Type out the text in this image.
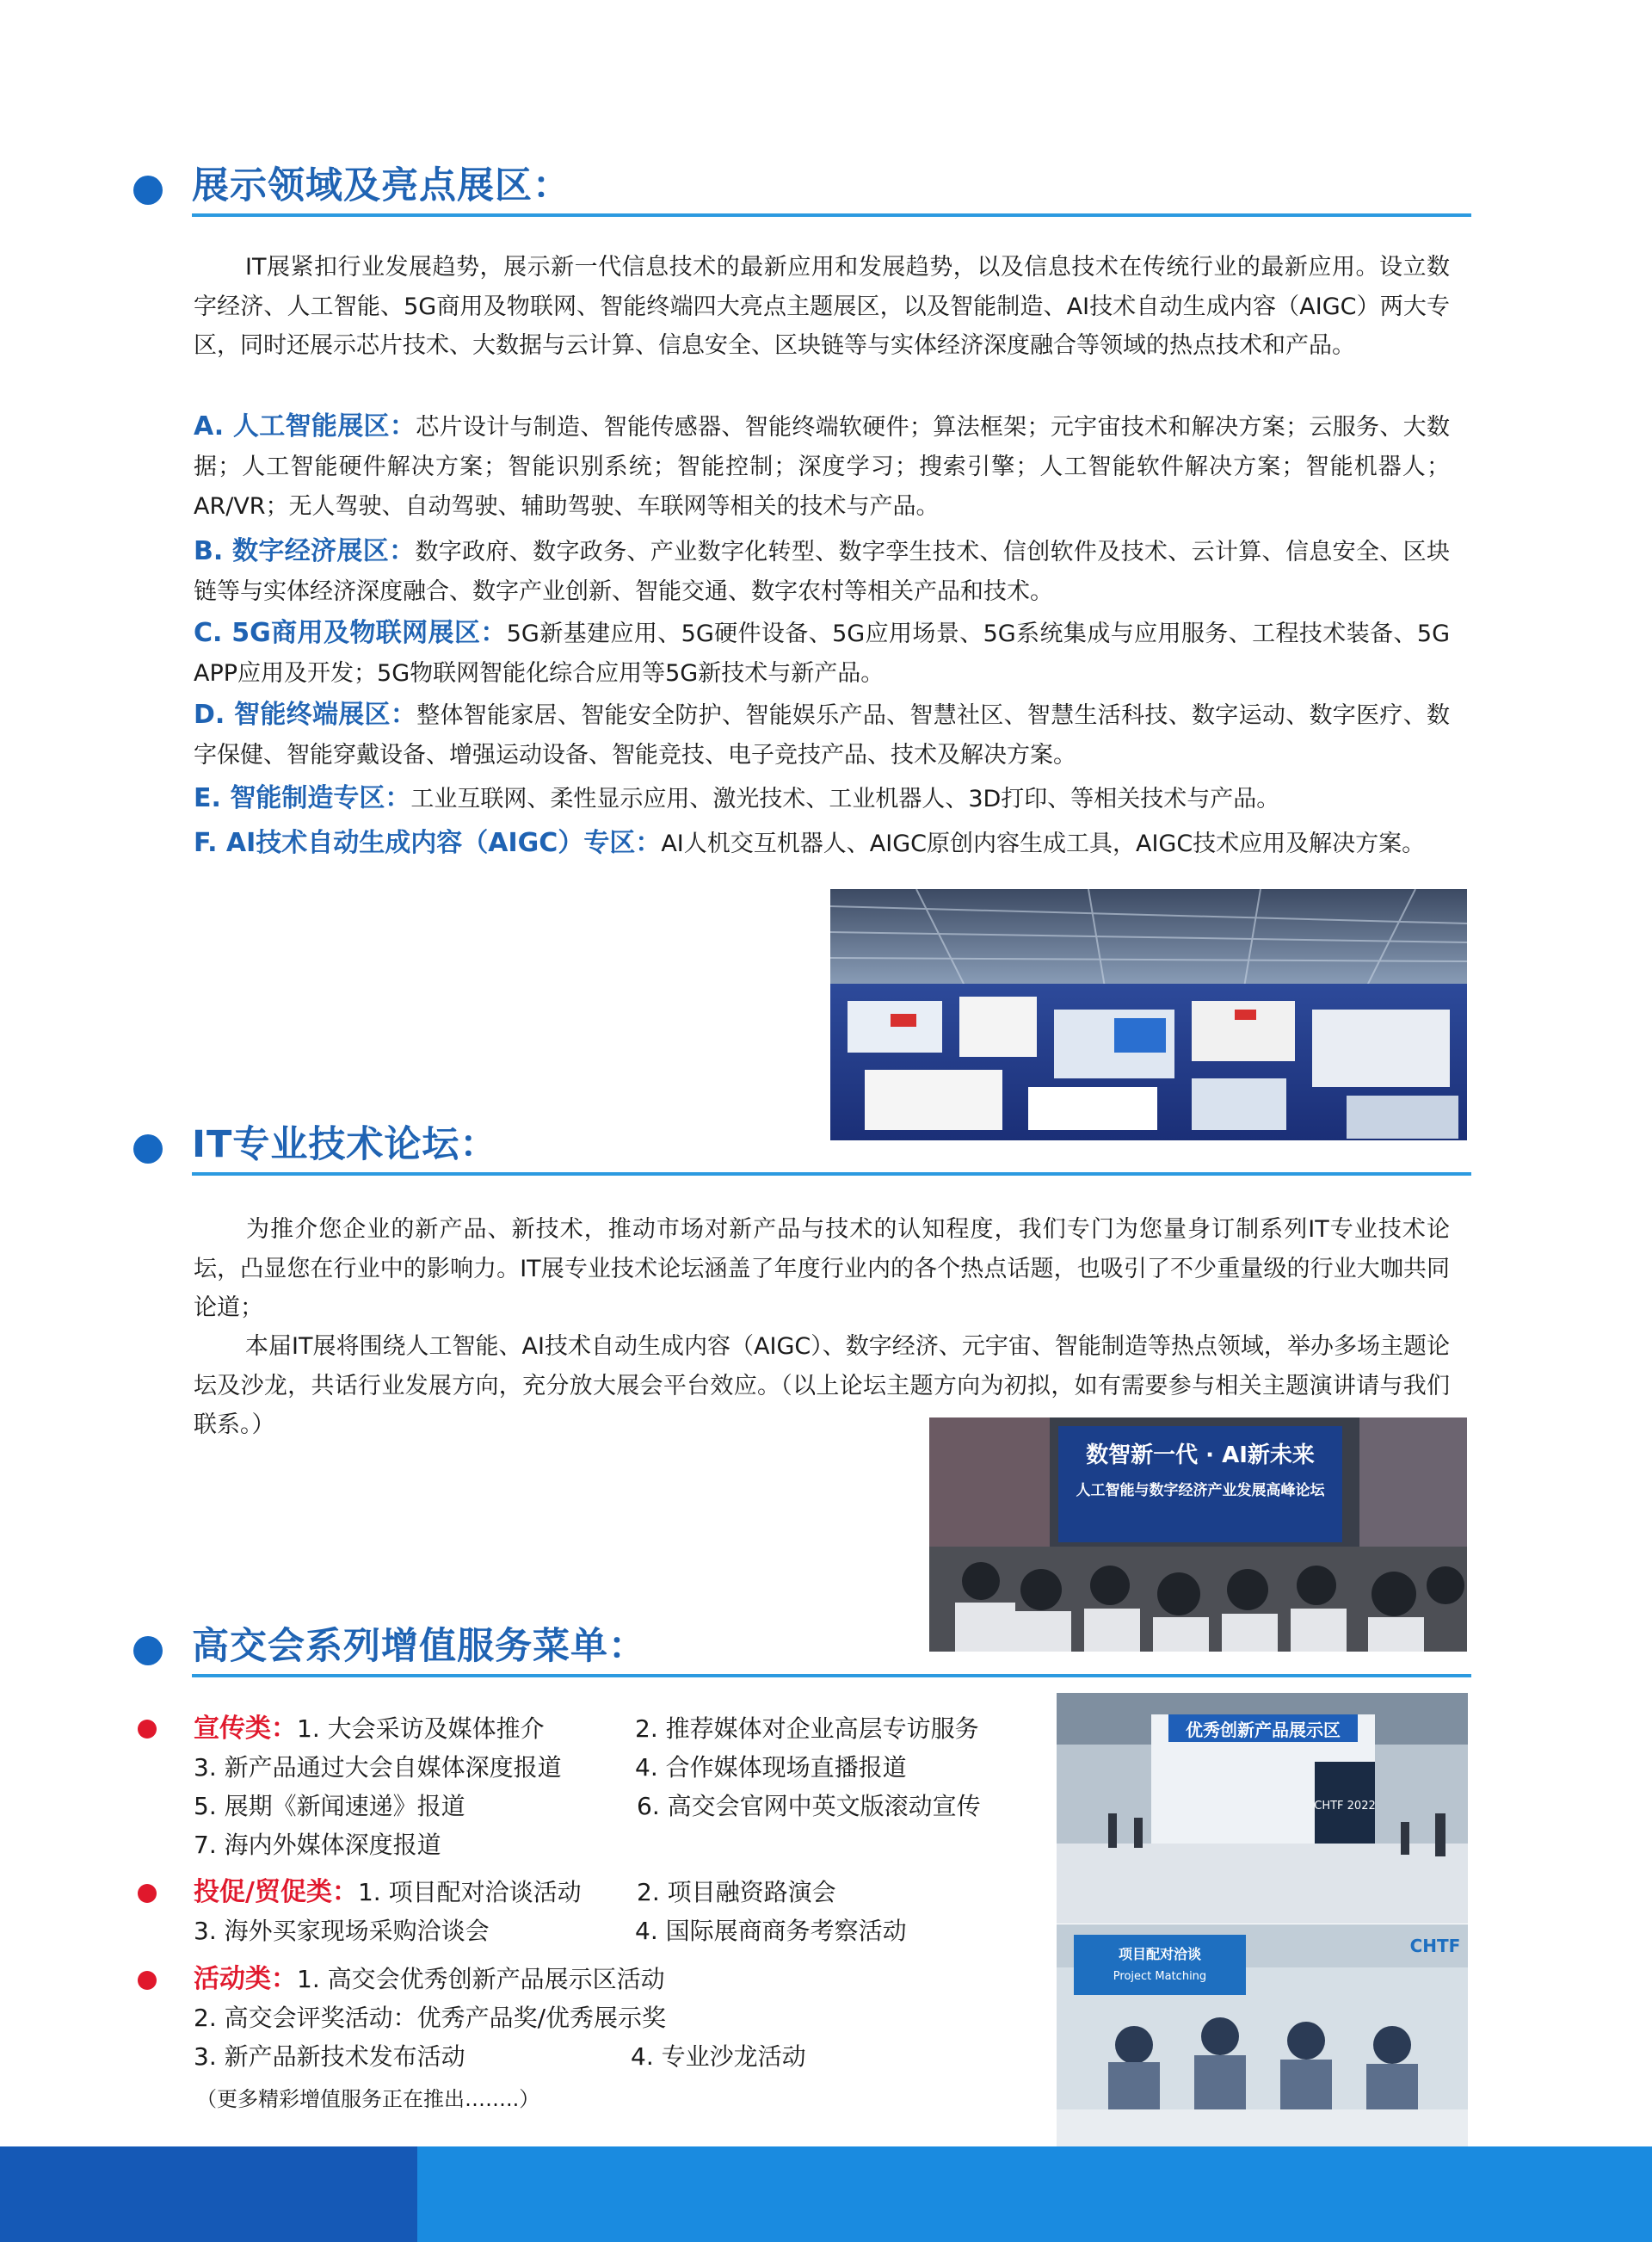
展示领域及亮点展区：
IT展紧扣行业发展趋势，展示新一代信息技术的最新应用和发展趋势，以及信息技术在传统行业的最新应用。设立数字经济、人工智能、5G商用及物联网、智能终端四大亮点主题展区，以及智能制造、AI技术自动生成内容（AIGC）两大专区，同时还展示芯片技术、大数据与云计算、信息安全、区块链等与实体经济深度融合等领域的热点技术和产品。
A. 人工智能展区：芯片设计与制造、智能传感器、智能终端软硬件；算法框架；元宇宙技术和解决方案；云服务、大数据；人工智能硬件解决方案；智能识别系统；智能控制；深度学习；搜索引擎；人工智能软件解决方案；智能机器人；AR/VR；无人驾驶、自动驾驶、辅助驾驶、车联网等相关的技术与产品。
B. 数字经济展区：数字政府、数字政务、产业数字化转型、数字孪生技术、信创软件及技术、云计算、信息安全、区块链等与实体经济深度融合、数字产业创新、智能交通、数字农村等相关产品和技术。
C. 5G商用及物联网展区：5G新基建应用、5G硬件设备、5G应用场景、5G系统集成与应用服务、工程技术装备、5G APP应用及开发；5G物联网智能化综合应用等5G新技术与新产品。
D. 智能终端展区：整体智能家居、智能安全防护、智能娱乐产品、智慧社区、智慧生活科技、数字运动、数字医疗、数字保健、智能穿戴设备、增强运动设备、智能竞技、电子竞技产品、技术及解决方案。
E. 智能制造专区：工业互联网、柔性显示应用、激光技术、工业机器人、3D打印、等相关技术与产品。
F. AI技术自动生成内容（AIGC）专区：AI人机交互机器人、AIGC原创内容生成工具，AIGC技术应用及解决方案。
IT专业技术论坛：
为推介您企业的新产品、新技术，推动市场对新产品与技术的认知程度，我们专门为您量身订制系列IT专业技术论坛，凸显您在行业中的影响力。IT展专业技术论坛涵盖了年度行业内的各个热点话题，也吸引了不少重量级的行业大咖共同论道；
本届IT展将围绕人工智能、AI技术自动生成内容（AIGC）、数字经济、元宇宙、智能制造等热点领域，举办多场主题论坛及沙龙，共话行业发展方向，充分放大展会平台效应。（以上论坛主题方向为初拟，如有需要参与相关主题演讲请与我们联系。）
数智新一代 · AI新未来
人工智能与数字经济产业发展高峰论坛
高交会系列增值服务菜单：
宣传类：1. 大会采访及媒体推介	2. 推荐媒体对企业高层专访服务
3. 新产品通过大会自媒体深度报道	4. 合作媒体现场直播报道
5. 展期《新闻速递》报道	6. 高交会官网中英文版滚动宣传
7. 海内外媒体深度报道
投促/贸促类：1. 项目配对洽谈活动 2. 项目融资路演会
3. 海外买家现场采购洽谈会	4. 国际展商商务考察活动
活动类：1. 高交会优秀创新产品展示区活动
2. 高交会评奖活动：优秀产品奖/优秀展示奖
3. 新产品新技术发布活动	4. 专业沙龙活动
（更多精彩增值服务正在推出……..）
优秀创新产品展示区
CHTF 2022
项目配对洽谈
Project Matching
CHTF
